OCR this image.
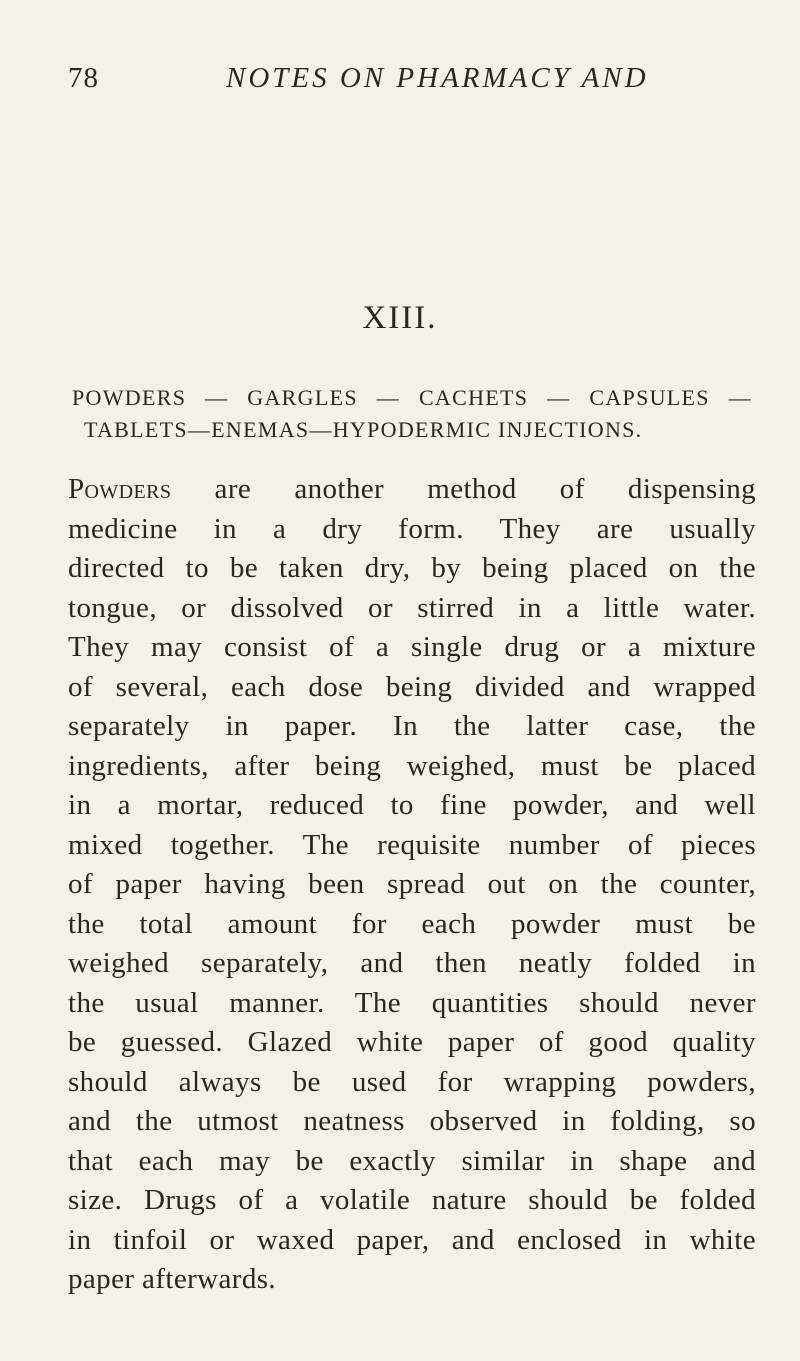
78	NOTES ON PHARMACY AND
XIII.
POWDERS — GARGLES — CACHETS — CAPSULES —
TABLETS—ENEMAS—HYPODERMIC INJECTIONS.
Powders are another method of dispensing
medicine in a dry form. They are usually
directed to be taken dry, by being placed on the
tongue, or dissolved or stirred in a little water.
They may consist of a single drug or a mixture
of several, each dose being divided and wrapped
separately in paper. In the latter case, the
ingredients, after being weighed, must be placed
in a mortar, reduced to fine powder, and well
mixed together. The requisite number of pieces
of paper having been spread out on the counter,
the total amount for each powder must be
weighed separately, and then neatly folded in
the usual manner. The quantities should never
be guessed. Glazed white paper of good quality
should always be used for wrapping powders,
and the utmost neatness observed in folding, so
that each may be exactly similar in shape and
size. Drugs of a volatile nature should be folded
in tinfoil or waxed paper, and enclosed in white
paper afterwards.
